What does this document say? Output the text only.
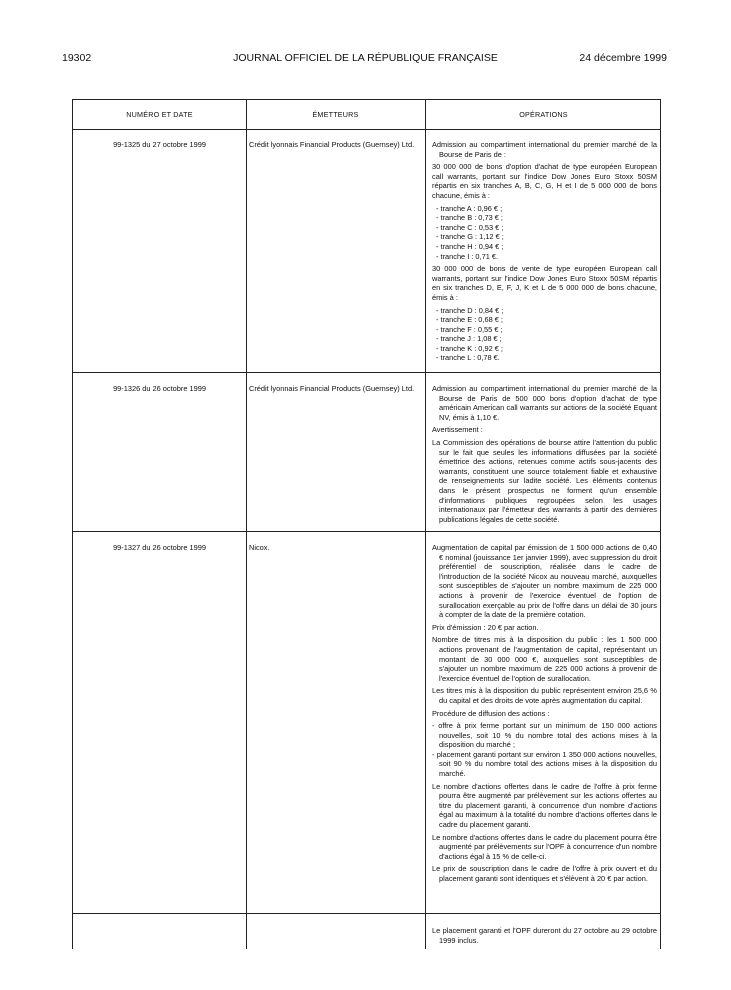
19302	JOURNAL OFFICIEL DE LA RÉPUBLIQUE FRANÇAISE	24 décembre 1999
NUMÉRO ET DATE	ÉMETTEURS	OPÉRATIONS
99-1325 du 27 octobre 1999	Crédit lyonnais Financial Products (Guernsey) Ltd.	Admission au compartiment international du premier marché de la Bourse de Paris de :

30 000 000 de bons d'option d'achat de type européen European call warrants, portant sur l'indice Dow Jones Euro Stoxx 50SM répartis en six tranches A, B, C, G, H et I de 5 000 000 de bons chacune, émis à :

- tranche A : 0,96 € ;
- tranche B : 0,73 € ;
- tranche C : 0,53 € ;
- tranche G : 1,12 € ;
- tranche H : 0,94 € ;
- tranche I : 0,71 €.

30 000 000 de bons de vente de type européen European call warrants, portant sur l'indice Dow Jones Euro Stoxx 50SM répartis en six tranches D, E, F, J, K et L de 5 000 000 de bons chacune, émis à :

- tranche D : 0,84 € ;
- tranche E : 0,68 € ;
- tranche F : 0,55 € ;
- tranche J : 1,08 € ;
- tranche K : 0,92 € ;
- tranche L : 0,78 €.
99-1326 du 26 octobre 1999	Crédit lyonnais Financial Products (Guernsey) Ltd.	Admission au compartiment international du premier marché de la Bourse de Paris de 500 000 bons d'option d'achat de type américain American call warrants sur actions de la société Equant NV, émis à 1,10 €.

Avertissement :

La Commission des opérations de bourse attire l'attention du public sur le fait que seules les informations diffusées par la société émettrice des actions, retenues comme actifs sous-jacents des warrants, constituent une source totalement fiable et exhaustive de renseignements sur ladite société. Les éléments contenus dans le présent prospectus ne forment qu'un ensemble d'informations publiques regroupées selon les usages internationaux par l'émetteur des warrants à partir des dernières publications légales de cette société.

99-1327 du 26 octobre 1999	Nicox.	Augmentation de capital par émission de 1 500 000 actions de 0,40 € nominal (jouissance 1er janvier 1999), avec suppression du droit préférentiel de souscription, réalisée dans le cadre de l'introduction de la société Nicox au nouveau marché, auxquelles sont susceptibles de s'ajouter un nombre maximum de 225 000 actions à provenir de l'exercice éventuel de l'option de surallocation exerçable au prix de l'offre dans un délai de 30 jours à compter de la date de la première cotation.

Prix d'émission : 20 € par action.

Nombre de titres mis à la disposition du public : les 1 500 000 actions provenant de l'augmentation de capital, représentant un montant de 30 000 000 €, auxquelles sont susceptibles de s'ajouter un nombre maximum de 225 000 actions à provenir de l'exercice éventuel de l'option de surallocation.

Les titres mis à la disposition du public représentent environ 25,6 % du capital et des droits de vote après augmentation du capital.

Procédure de diffusion des actions :

- offre à prix ferme portant sur un minimum de 150 000 actions nouvelles, soit 10 % du nombre total des actions mises à la disposition du marché ;
- placement garanti portant sur environ 1 350 000 actions nouvelles, soit 90 % du nombre total des actions mises à la disposition du marché.

Le nombre d'actions offertes dans le cadre de l'offre à prix ferme pourra être augmenté par prélèvement sur les actions offertes au titre du placement garanti, à concurrence d'un nombre d'actions égal au maximum à la totalité du nombre d'actions offertes dans le cadre du placement garanti.

Le nombre d'actions offertes dans le cadre du placement pourra être augmenté par prélèvements sur l'OPF à concurrence d'un nombre d'actions égal à 15 % de celle-ci.

Le prix de souscription dans le cadre de l'offre à prix ouvert et du placement garanti sont identiques et s'élèvent à 20 € par action.

Le placement garanti et l'OPF dureront du 27 octobre au 29 octobre 1999 inclus.
